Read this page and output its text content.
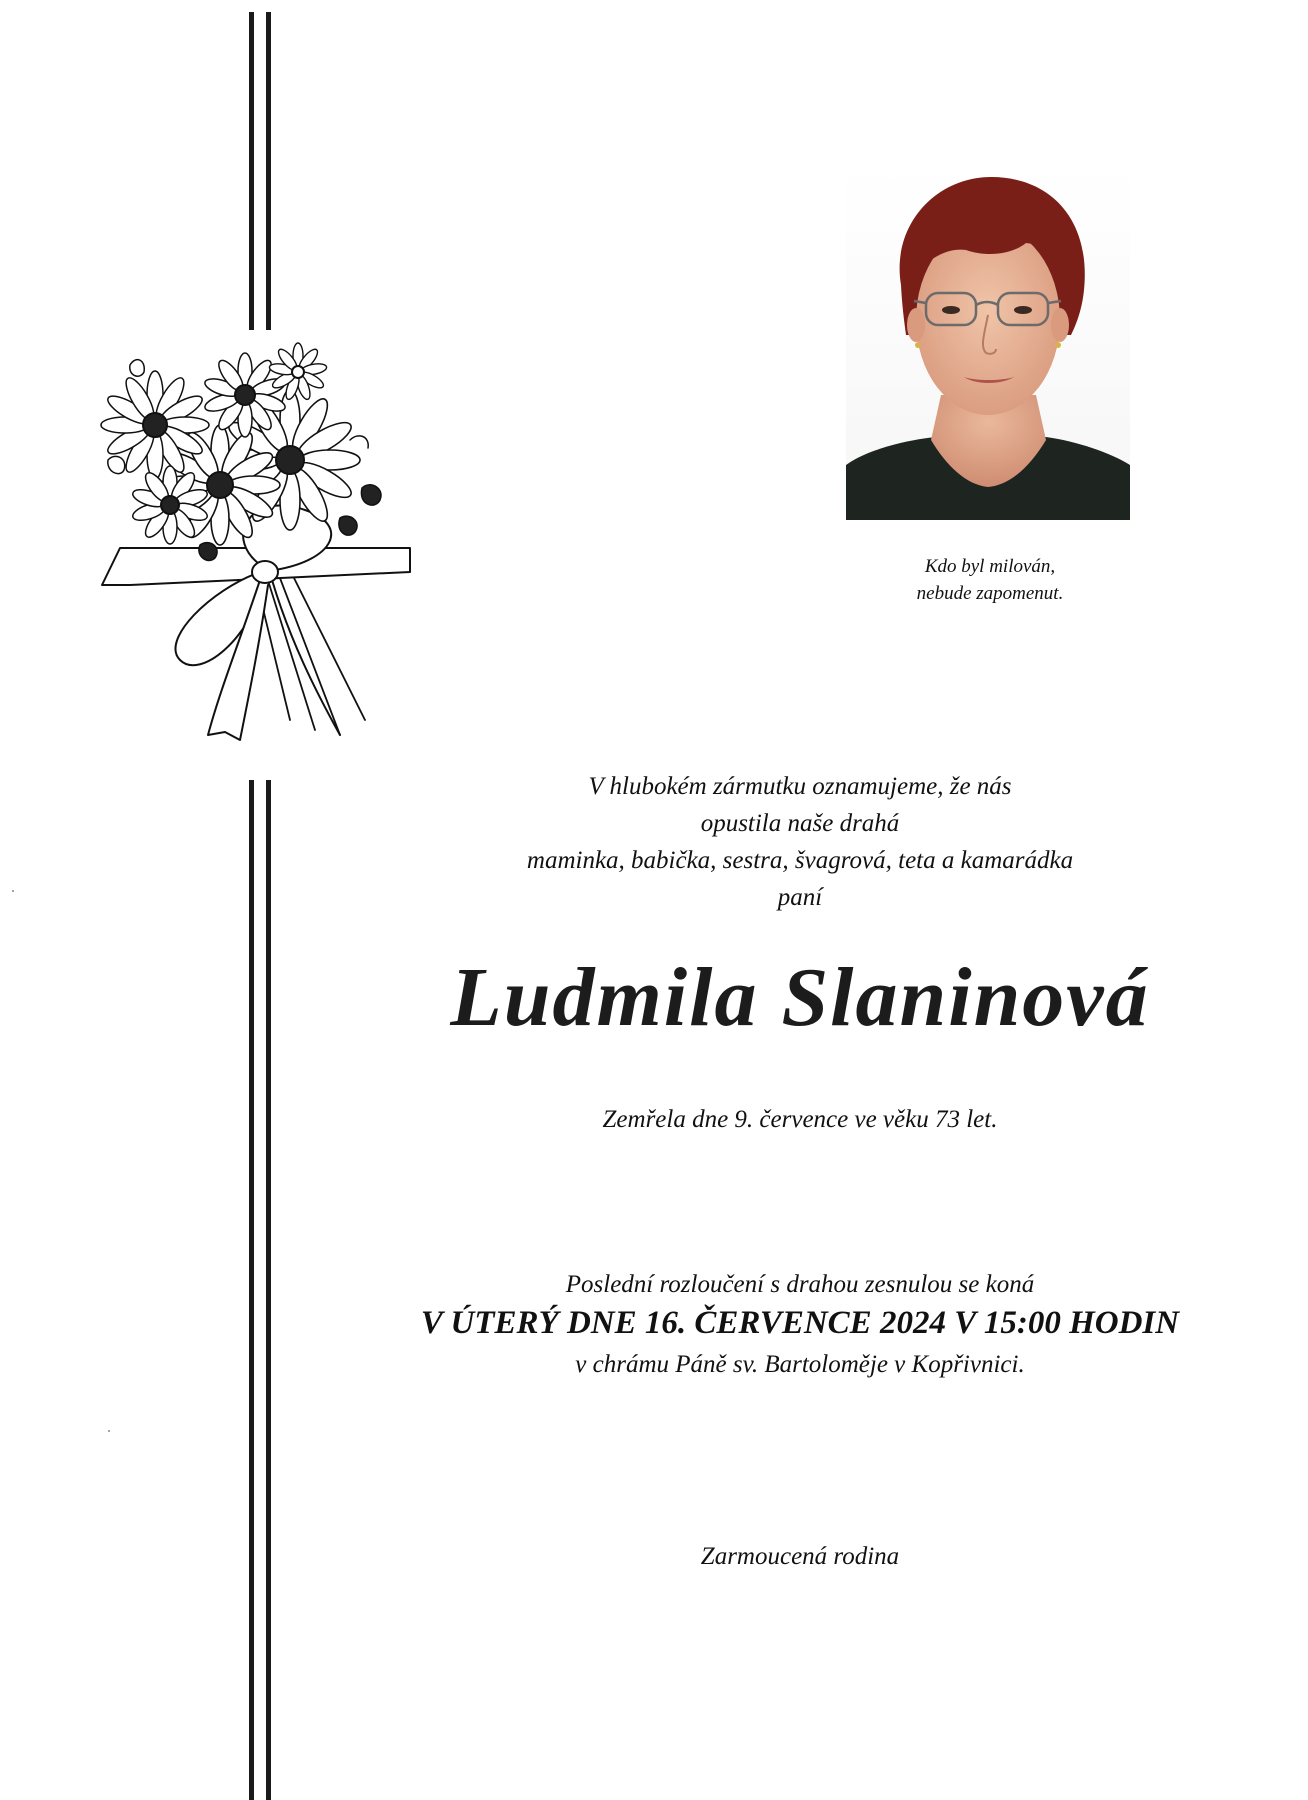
Kdo byl milován,
nebude zapomenut.
V hlubokém zármutku oznamujeme, že nás
opustila naše drahá
maminka, babička, sestra, švagrová, teta a kamarádka
paní
Ludmila Slaninová
Zemřela dne 9. července ve věku 73 let.
Poslední rozloučení s drahou zesnulou se koná
V ÚTERÝ DNE 16. ČERVENCE 2024 V 15:00 HODIN
v chrámu Páně sv. Bartoloměje v Kopřivnici.
Zarmoucená rodina
